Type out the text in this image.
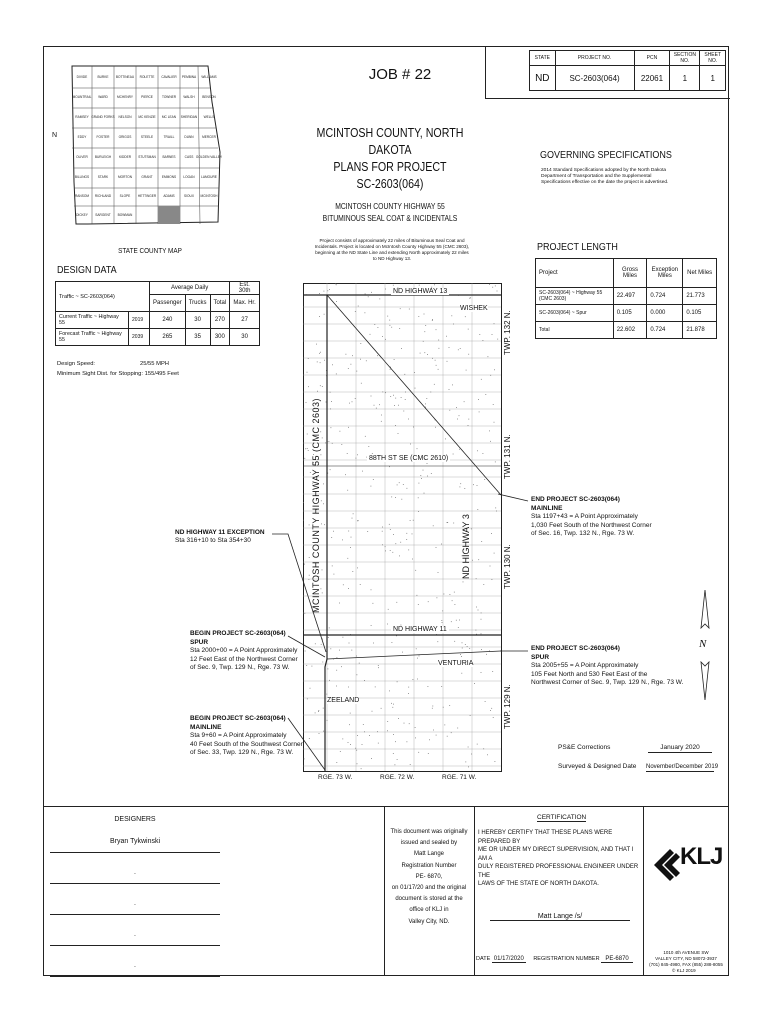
STATE	PROJECT NO.	PCN	SECTION NO.	SHEET NO.
ND	SC-2603(064)	22061	1	1
JOB # 22
DIVIDE	BURKE BOTTINEAU ROLETTE CAVALIER PEMBINA WILLIAMS
MOUNTRAIL WARD	MCHENRY	PIERCE	TOWNER WALSH BENSON
RAMSEY GRAND FORKS NELSON MC KENZIE MC LEAN SHERIDAN WELLS
EDDY	FOSTER	GRIGGS	STEELE	TRAILL	DUNN	MERCER
OLIVER BURLEIGH KIDDER STUTSMAN BARNES	CASS GOLDEN VALLEY
BILLINGS	STARK	MORTON	GRANT	EMMONS LOGAN LAMOURE
RANSOM RICHLAND	SLOPE HETTINGER ADAMS	SIOUX MCINTOSH
DICKEY SARGENT BOWMAN
N
STATE COUNTY MAP
MCINTOSH COUNTY, NORTH DAKOTA
PLANS FOR PROJECT
SC-2603(064)
MCINTOSH COUNTY HIGHWAY 55
BITUMINOUS SEAL COAT & INCIDENTALS
Project consists of approximately 22 miles of Bituminous Seal Coat and Incidentals. Project is located on McIntosh County Highway 55 (CMC 2603), beginning at the ND State Line and extending North approximately 22 miles to ND Highway 13.
GOVERNING SPECIFICATIONS
2014 Standard Specifications adopted by the North Dakota Department of Transportation and the Supplemental Specifications effective on the date the project is advertised.
PROJECT LENGTH
Project	Gross Miles	Exception Miles	Net Miles
SC-2603(064) ~ Highway 55 (CMC 2603)	22.497	0.724	21.773
SC-2603(064) ~ Spur	0.105	0.000	0.105
Total	22.602	0.724	21.878
DESIGN DATA
Traffic ~ SC-2603(064)		Average Daily			Est. 30th
		Passenger	Trucks	Total	Max. Hr.
Current Traffic ~ Highway 55	2019	240	30	270	27
Forecast Traffic ~ Highway 55	2039	265	35	300	30
Design Speed:	25/55 MPH
Minimum Sight Dist. for Stopping: 155/495 Feet
ND HIGHWAY 13
WISHEK
88TH ST SE (CMC 2610)
ND HIGHWAY 11
VENTURIA
ZEELAND
MCINTOSH COUNTY HIGHWAY 55 (CMC 2603)	ND HIGHWAY 3
TWP. 132 N.
TWP. 131 N.
TWP. 130 N.
TWP. 129 N.
RGE. 73 W.	RGE. 72 W.	RGE. 71 W.
ND HIGHWAY 11 EXCEPTION
Sta 316+10 to Sta 354+30
BEGIN PROJECT SC-2603(064)
SPUR
Sta 2000+00 = A Point Approximately
12 Feet East of the Northwest Corner
of Sec. 9, Twp. 129 N., Rge. 73 W.
BEGIN PROJECT SC-2603(064)
MAINLINE
Sta 9+60 = A Point Approximately
40 Feet South of the Southwest Corner
of Sec. 33, Twp. 129 N., Rge. 73 W.
END PROJECT SC-2603(064)
MAINLINE
Sta 1197+43 = A Point Approximately
1,030 Feet South of the Northwest Corner
of Sec. 16, Twp. 132 N., Rge. 73 W.
END PROJECT SC-2603(064)
SPUR
Sta 2005+55 = A Point Approximately
105 Feet North and 530 Feet East of the
Northwest Corner of Sec. 9, Twp. 129 N., Rge. 73 W.
N
PS&E Corrections	January 2020
Surveyed & Designed Date November/December 2019
DESIGNERS
Bryan Tykwinski
.
.
.
.
This document was originally
issued and sealed by
Matt Lange
Registration Number
PE- 6870,
on 01/17/20 and the original
document is stored at the
office of KLJ in
Valley City, ND.
CERTIFICATION
I HEREBY CERTIFY THAT THESE PLANS WERE PREPARED BY
ME OR UNDER MY DIRECT SUPERVISION, AND THAT I AM A
DULY REGISTERED PROFESSIONAL ENGINEER UNDER THE
LAWS OF THE STATE OF NORTH DAKOTA.
Matt Lange /s/
DATE 01/17/2020 REGISTRATION NUMBER PE-6870
KLJ
1010 4th AVENUE SW
VALLEY CITY, ND 58072-3937
(701) 845-4980, FAX (855) 288-8055
© KLJ 2019
